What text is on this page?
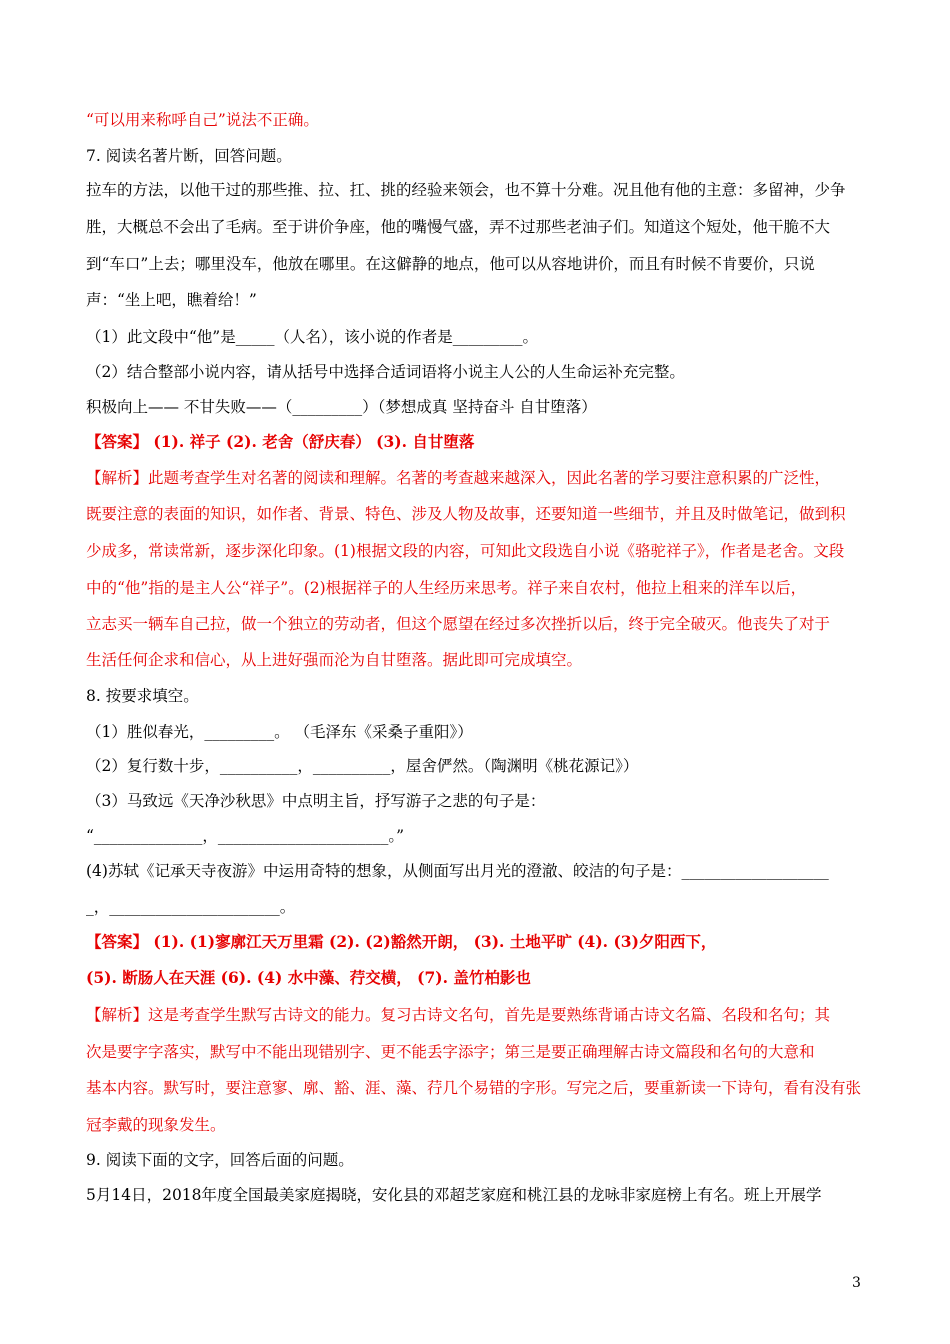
“可以用来称呼自己”说法不正确。

7. 阅读名著片断，回答问题。

拉车的方法，以他干过的那些推、拉、扛、挑的经验来领会，也不算十分难。况且他有他的主意：多留神，少争

胜，大概总不会出了毛病。至于讲价争座，他的嘴慢气盛，弄不过那些老油子们。知道这个短处，他干脆不大

到“车口”上去；哪里没车，他放在哪里。在这僻静的地点，他可以从容地讲价，而且有时候不肯要价，只说

声：“坐上吧，瞧着给！”

（1）此文段中“他”是_____（人名），该小说的作者是_________。

（2）结合整部小说内容，请从括号中选择合适词语将小说主人公的人生命运补充完整。

积极向上—— 不甘失败——（_________）（梦想成真 坚持奋斗 自甘堕落）

【答案】 (1). 祥子 (2). 老舍（舒庆春） (3). 自甘堕落

【解析】此题考查学生对名著的阅读和理解。名著的考查越来越深入，因此名著的学习要注意积累的广泛性，

既要注意的表面的知识，如作者、背景、特色、涉及人物及故事，还要知道一些细节，并且及时做笔记，做到积

少成多，常读常新，逐步深化印象。(1)根据文段的内容，可知此文段选自小说《骆驼祥子》，作者是老舍。文段

中的“他”指的是主人公“祥子”。(2)根据祥子的人生经历来思考。祥子来自农村，他拉上租来的洋车以后，

立志买一辆车自己拉，做一个独立的劳动者，但这个愿望在经过多次挫折以后，终于完全破灭。他丧失了对于

生活任何企求和信心，从上进好强而沦为自甘堕落。据此即可完成填空。

8. 按要求填空。

（1）胜似春光，_________。 （毛泽东《采桑子重阳》）

（2）复行数十步，__________，__________，屋舍俨然。（陶渊明《桃花源记》）

（3）马致远《天净沙秋思》中点明主旨，抒写游子之悲的句子是：

“______________，______________________。”

(4)苏轼《记承天寺夜游》中运用奇特的想象，从侧面写出月光的澄澈、皎洁的句子是：___________________

_，______________________。

【答案】 (1). (1)寥廓江天万里霜 (2). (2)豁然开朗， (3). 土地平旷 (4). (3)夕阳西下，

(5). 断肠人在天涯 (6). (4) 水中藻、荇交横， (7). 盖竹柏影也

【解析】这是考查学生默写古诗文的能力。复习古诗文名句，首先是要熟练背诵古诗文名篇、名段和名句；其

次是要字字落实，默写中不能出现错别字、更不能丢字添字；第三是要正确理解古诗文篇段和名句的大意和

基本内容。默写时，要注意寥、廓、豁、涯、藻、荇几个易错的字形。写完之后，要重新读一下诗句，看有没有张

冠李戴的现象发生。

9. 阅读下面的文字，回答后面的问题。

5月14日，2018年度全国最美家庭揭晓，安化县的邓超芝家庭和桃江县的龙咏非家庭榜上有名。班上开展学

3
